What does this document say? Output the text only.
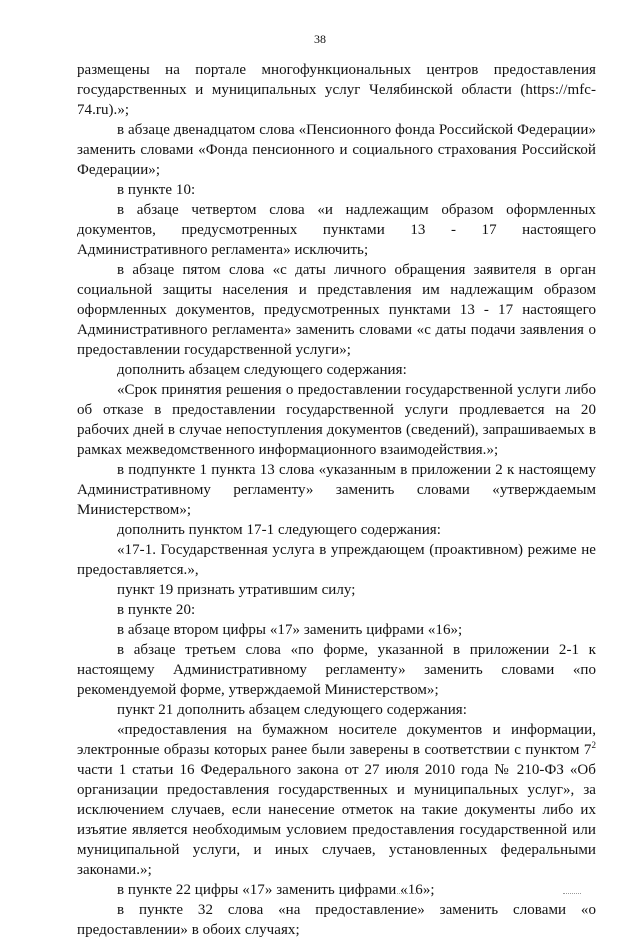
38

размещены на портале многофункциональных центров предоставления государственных и муниципальных услуг Челябинской области (https://mfc-74.ru).»;

в абзаце двенадцатом слова «Пенсионного фонда Российской Федерации» заменить словами «Фонда пенсионного и социального страхования Российской Федерации»;

в пункте 10:

в абзаце четвертом слова «и надлежащим образом оформленных документов, предусмотренных пунктами 13 - 17 настоящего Административного регламента» исключить;

в абзаце пятом слова «с даты личного обращения заявителя в орган социальной защиты населения и представления им надлежащим образом оформленных документов, предусмотренных пунктами 13 - 17 настоящего Административного регламента» заменить словами «с даты подачи заявления о предоставлении государственной услуги»;

дополнить абзацем следующего содержания:

«Срок принятия решения о предоставлении государственной услуги либо об отказе в предоставлении государственной услуги продлевается на 20 рабочих дней в случае непоступления документов (сведений), запрашиваемых в рамках межведомственного информационного взаимодействия.»;

в подпункте 1 пункта 13 слова «указанным в приложении 2 к настоящему Административному регламенту» заменить словами «утверждаемым Министерством»;

дополнить пунктом 17-1 следующего содержания:

«17-1. Государственная услуга в упреждающем (проактивном) режиме не предоставляется.»,

пункт 19 признать утратившим силу;

в пункте 20:

в абзаце втором цифры «17» заменить цифрами «16»;

в абзаце третьем слова «по форме, указанной в приложении 2-1 к настоящему Административному регламенту» заменить словами «по рекомендуемой форме, утверждаемой Министерством»;

пункт 21 дополнить абзацем следующего содержания:

«предоставления на бумажном носителе документов и информации, электронные образы которых ранее были заверены в соответствии с пунктом $7^2$ части 1 статьи 16 Федерального закона от 27 июля 2010 года № 210-ФЗ «Об организации предоставления государственных и муниципальных услуг», за исключением случаев, если нанесение отметок на такие документы либо их изъятие является необходимым условием предоставления государственной или муниципальной услуги, и иных случаев, установленных федеральными законами.»;

в пункте 22 цифры «17» заменить цифрами «16»;

в пункте 32 слова «на предоставление» заменить словами «о предоставлении» в обоих случаях;
